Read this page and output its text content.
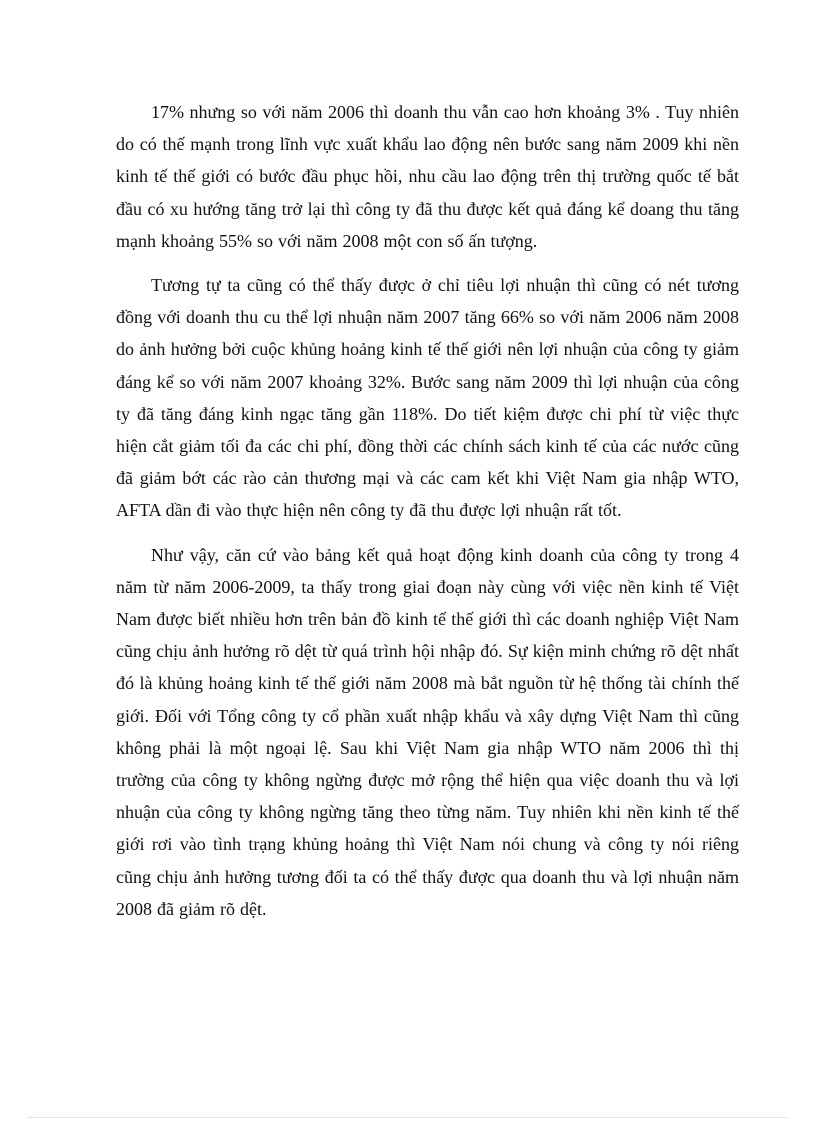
17% nhưng so với năm 2006 thì doanh thu vẫn cao hơn khoảng 3% . Tuy nhiên do có thế mạnh trong lĩnh vực xuất khẩu lao động nên bước sang năm 2009 khi nền kinh tế thế giới có bước đầu phục hồi, nhu cầu lao động trên thị trường quốc tế bắt đầu có xu hướng tăng trở lại thì công ty đã thu được kết quả đáng kể doang thu tăng mạnh khoảng 55% so với năm 2008 một con số ấn tượng.

Tương tự ta cũng có thể thấy được ở chỉ tiêu lợi nhuận thì cũng có nét tương đồng với doanh thu cu thể lợi nhuận năm 2007 tăng 66% so với năm 2006 năm 2008 do ảnh hưởng bởi cuộc khủng hoảng kinh tế thế giới nên lợi nhuận của công ty giảm đáng kể so với năm 2007 khoảng 32%. Bước sang năm 2009 thì lợi nhuận của công ty đã tăng đáng kinh ngạc tăng gần 118%. Do tiết kiệm được chi phí từ việc thực hiện cắt giảm tối đa các chi phí, đồng thời các chính sách kinh tế của các nước cũng đã giảm bớt các rào cản thương mại và các cam kết khi Việt Nam gia nhập WTO, AFTA dần đi vào thực hiện nên công ty đã thu được lợi nhuận rất tốt.

Như vậy, căn cứ vào bảng kết quả hoạt động kinh doanh của công ty trong 4 năm từ năm 2006-2009, ta thấy trong giai đoạn này cùng với việc nền kinh tế Việt Nam được biết nhiều hơn trên bản đồ kinh tế thế giới thì các doanh nghiệp Việt Nam cũng chịu ảnh hưởng rõ dệt từ quá trình hội nhập đó. Sự kiện minh chứng rõ dệt nhất đó là khủng hoảng kinh tế thế giới năm 2008 mà bắt nguồn từ hệ thống tài chính thế giới. Đối với Tổng công ty cổ phần xuất nhập khẩu và xây dựng Việt Nam thì cũng không phải là một ngoại lệ. Sau khi Việt Nam gia nhập WTO năm 2006 thì thị trường của công ty không ngừng được mở rộng thể hiện qua việc doanh thu và lợi nhuận của công ty không ngừng tăng theo từng năm. Tuy nhiên khi nền kinh tế thế giới rơi vào tình trạng khủng hoảng thì Việt Nam nói chung và công ty nói riêng cũng chịu ảnh hưởng tương đối ta có thể thấy được qua doanh thu và lợi nhuận năm 2008 đã giảm rõ dệt.
